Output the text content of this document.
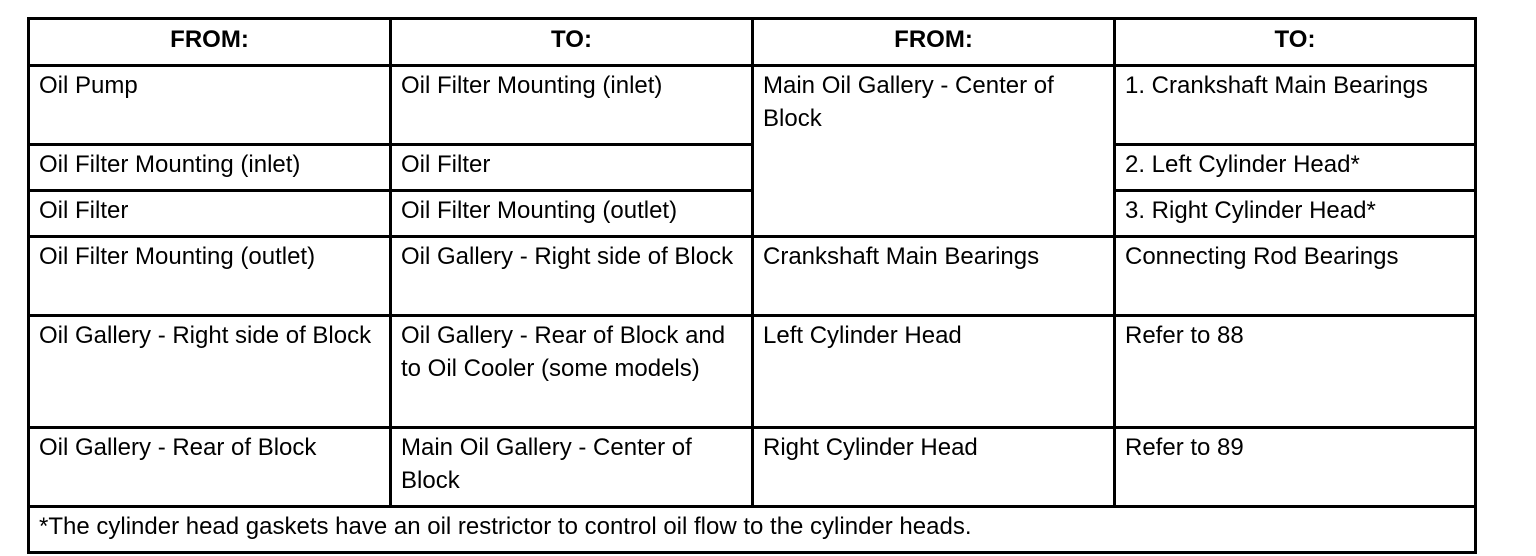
FROM:	TO:	FROM:	TO:
Oil Pump	Oil Filter Mounting (inlet)	Main Oil Gallery - Center of Block	1. Crankshaft Main Bearings
Oil Filter Mounting (inlet)	Oil Filter		2. Left Cylinder Head*
Oil Filter	Oil Filter Mounting (outlet)		3. Right Cylinder Head*
Oil Filter Mounting (outlet)	Oil Gallery - Right side of Block	Crankshaft Main Bearings	Connecting Rod Bearings
Oil Gallery - Right side of Block	Oil Gallery - Rear of Block and to Oil Cooler (some models)	Left Cylinder Head	Refer to 88
Oil Gallery - Rear of Block	Main Oil Gallery - Center of Block	Right Cylinder Head	Refer to 89
*The cylinder head gaskets have an oil restrictor to control oil flow to the cylinder heads.			
